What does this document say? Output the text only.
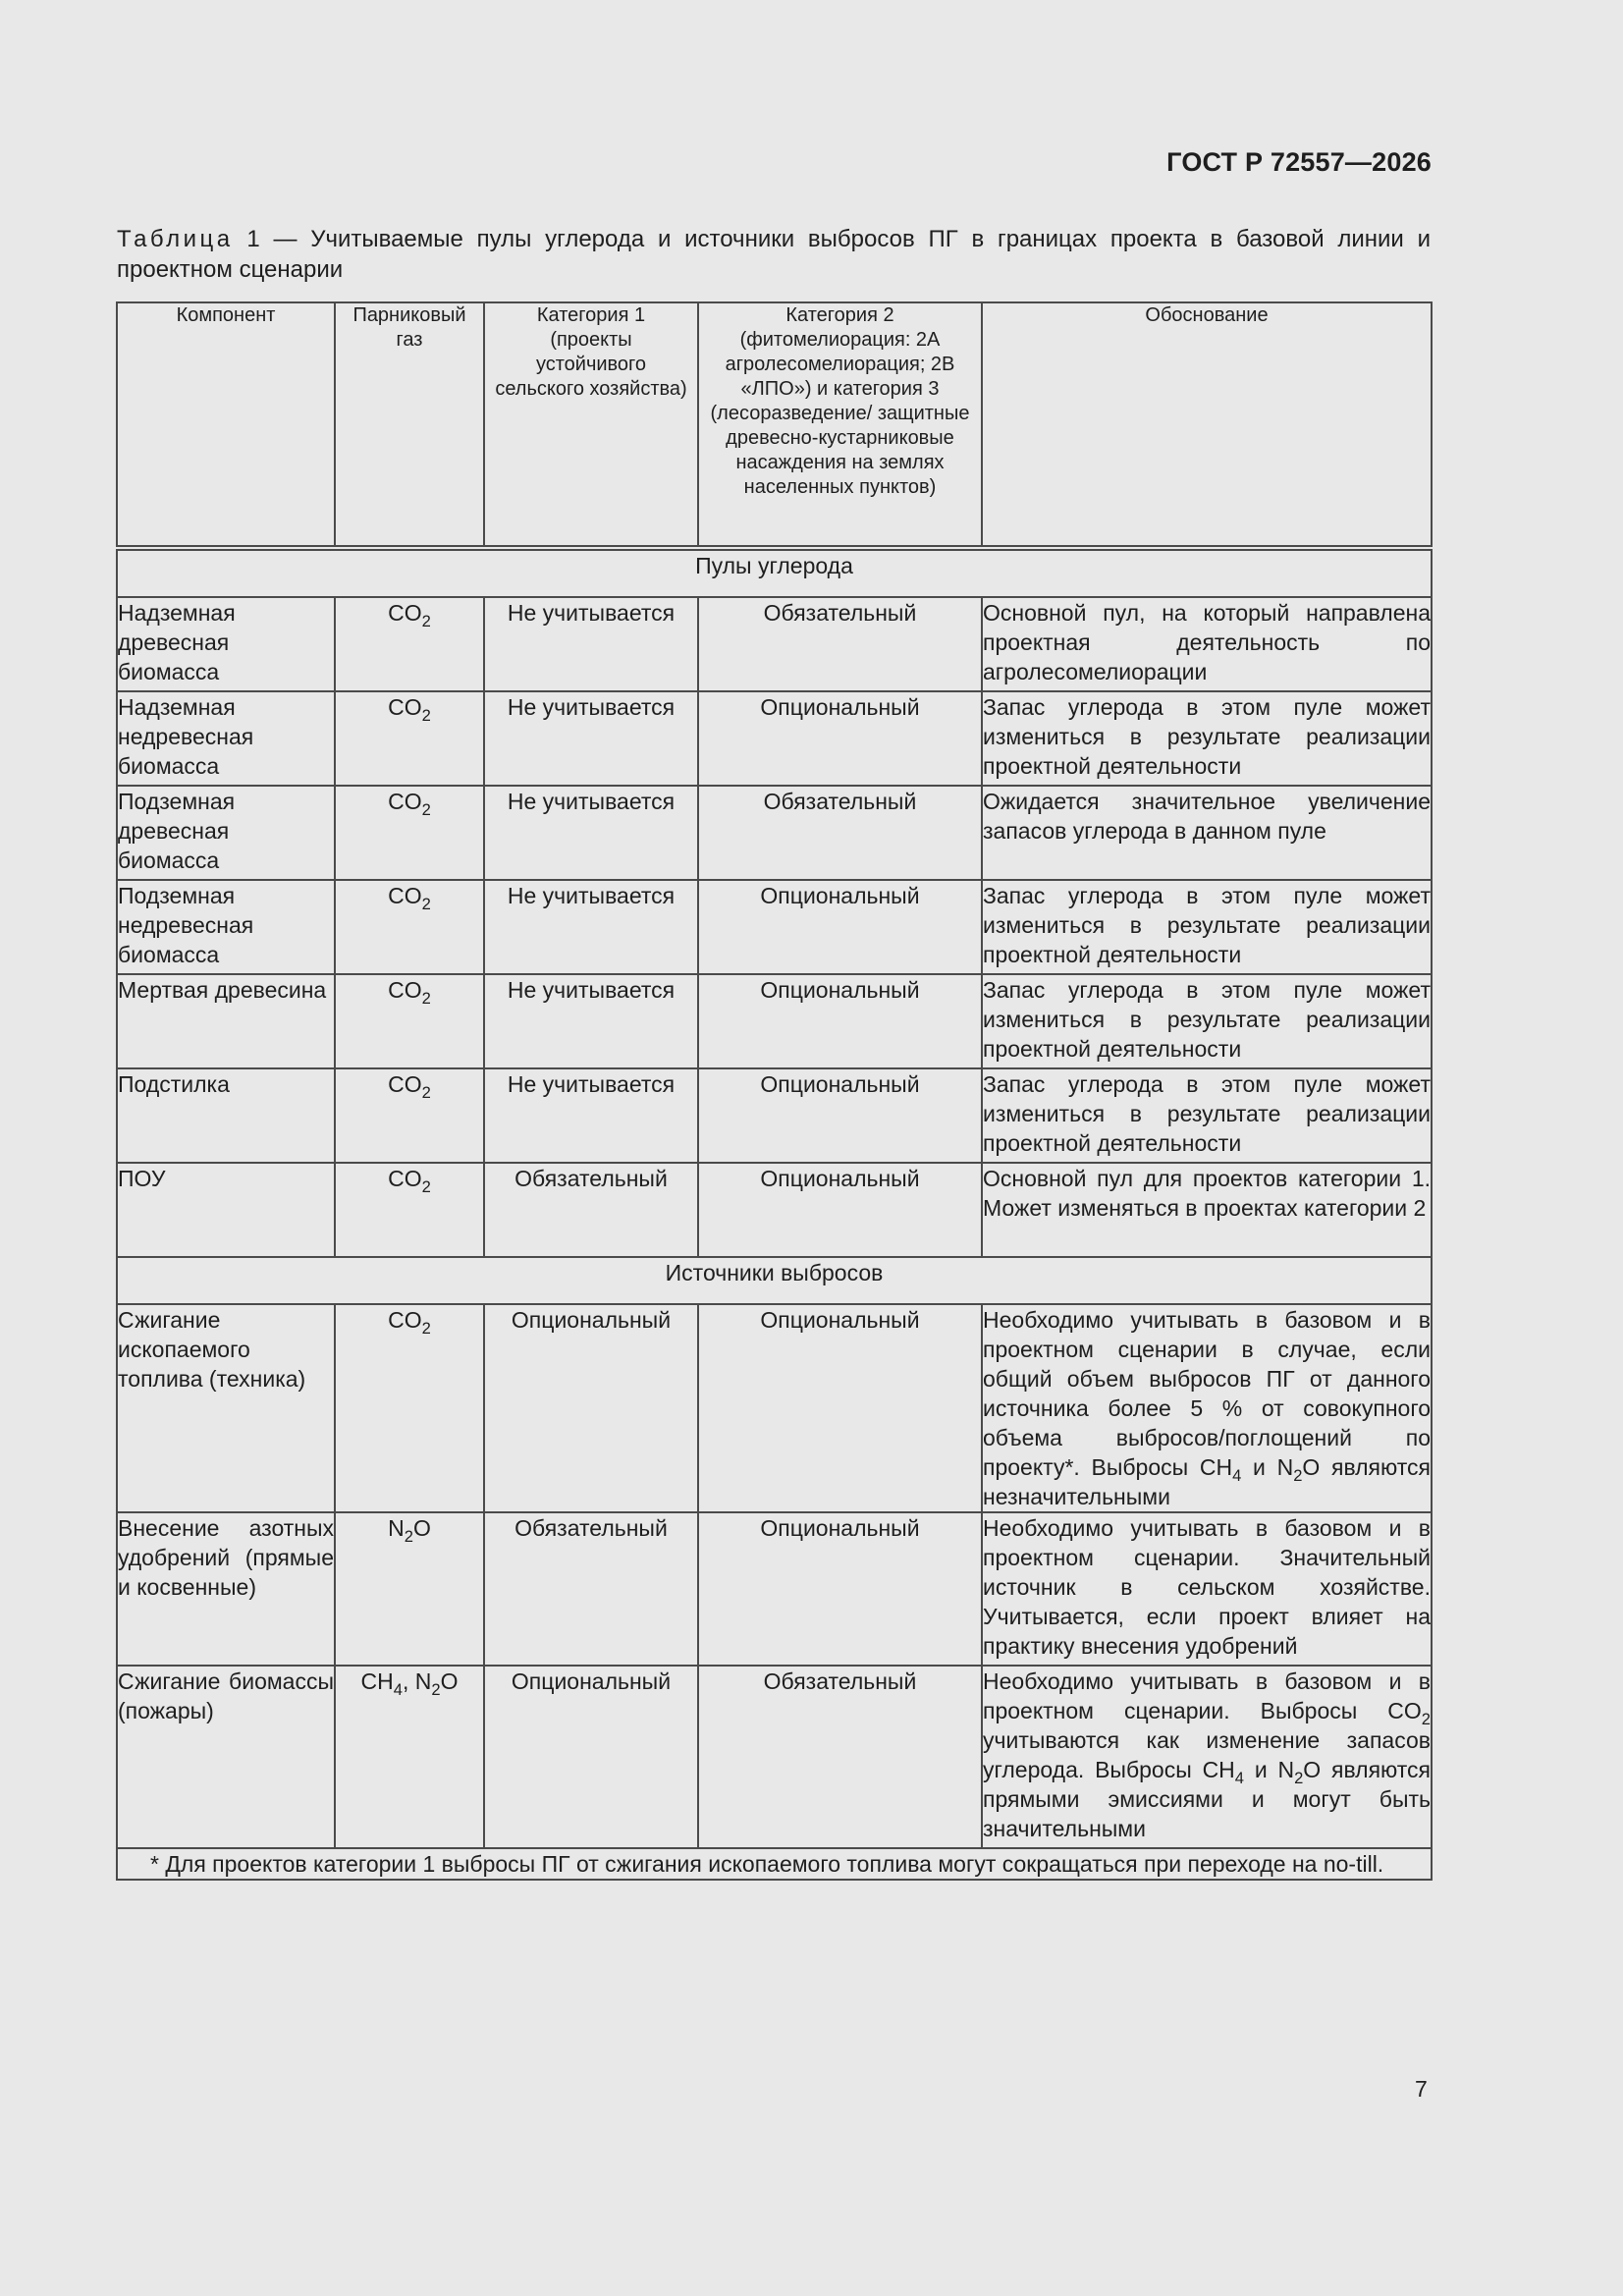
ГОСТ Р 72557—2026
Таблица 1 — Учитываемые пулы углерода и источники выбросов ПГ в границах проекта в базовой линии и проектном сценарии
Компонент	Парниковый газ	Категория 1 (проекты устойчивого сельского хозяйства)	Категория 2 (фитомелиорация: 2А агролесомелиорация; 2В «ЛПО») и категория 3 (лесоразведение/ защитные древесно-кустарниковые насаждения на землях населенных пунктов)	Обоснование

Пулы углерода				
Надземная древесная биомасса	$CO_2$	Не учитывается	Обязательный	Основной пул, на который направлена проектная деятельность по агролесомелиорации
Надземная недревесная биомасса	$CO_2$	Не учитывается	Опциональный	Запас углерода в этом пуле может измениться в результате реализации проектной деятельности
Подземная древесная биомасса	$CO_2$	Не учитывается	Обязательный	Ожидается значительное увеличение запасов углерода в данном пуле
Подземная недревесная биомасса	$CO_2$	Не учитывается	Опциональный	Запас углерода в этом пуле может измениться в результате реализации проектной деятельности
Мертвая древесина	$CO_2$	Не учитывается	Опциональный	Запас углерода в этом пуле может измениться в результате реализации проектной деятельности
Подстилка	$CO_2$	Не учитывается	Опциональный	Запас углерода в этом пуле может измениться в результате реализации проектной деятельности
ПОУ	$CO_2$	Обязательный	Опциональный	Основной пул для проектов категории 1. Может изменяться в проектах категории 2
Источники выбросов				
Сжигание ископаемого топлива (техника)	$CO_2$	Опциональный	Опциональный	Необходимо учитывать в базовом и в проектном сценарии в случае, если общий объем выбросов ПГ от данного источника более 5 % от совокупного объема выбросов/поглощений по проекту*. Выбросы $CH_4$ и $N_2O$ являются незначительными
Внесение азотных удобрений (прямые и косвенные)	$N_2O$	Обязательный	Опциональный	Необходимо учитывать в базовом и в проектном сценарии. Значительный источник в сельском хозяйстве. Учитывается, если проект влияет на практику внесения удобрений
Сжигание биомассы (пожары)	$CH_4$, $N_2O$	Опциональный	Обязательный	Необходимо учитывать в базовом и в проектном сценарии. Выбросы $CO_2$ учитываются как изменение запасов углерода. Выбросы $CH_4$ и $N_2O$ являются прямыми эмиссиями и могут быть значительными
* Для проектов категории 1 выбросы ПГ от сжигания ископаемого топлива могут сокращаться при переходе на no-till.				
7
